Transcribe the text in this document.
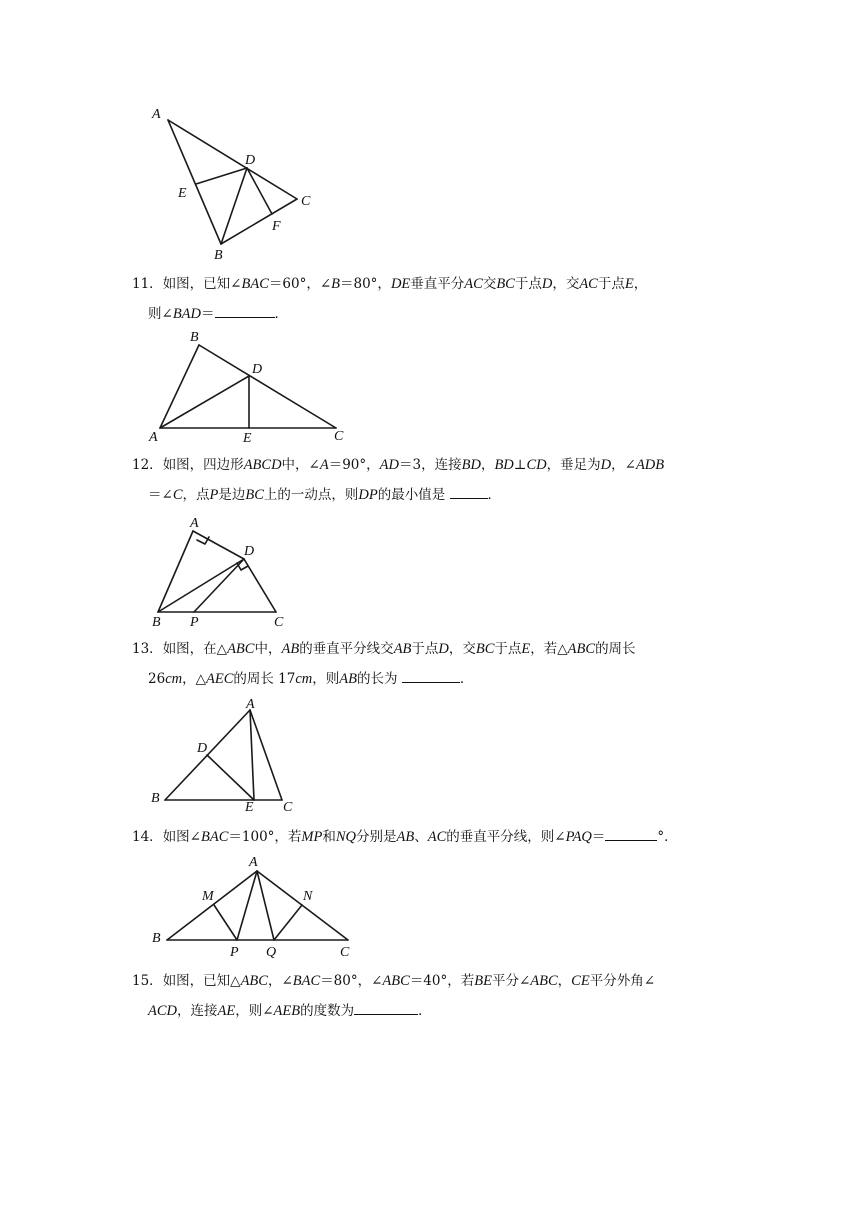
A
D
E
C
F
B
B
D
A	E	C
A
D
B P	C
A
D
B
E C
A
M	N
B
P Q	C
11．如图，已知∠BAC＝60°，∠B＝80°，DE垂直平分AC交BC于点D，交AC于点E，
则∠BAD＝	．
12．如图，四边形ABCD中，∠A＝90°，AD＝3，连接BD，BD⊥CD，垂足为D，∠ADB
＝∠C，点P是边BC上的一动点，则DP的最小值是	．
13．如图，在△ABC中，AB的垂直平分线交AB于点D，交BC于点E，若△ABC的周长
26cm，△AEC的周长 17cm，则AB的长为	．
14．如图∠BAC＝100°，若MP和NQ分别是AB、AC的垂直平分线，则∠PAQ＝	°．
15．如图，已知△ABC，∠BAC＝80°，∠ABC＝40°，若BE平分∠ABC，CE平分外角∠
ACD，连接AE，则∠AEB的度数为	．
